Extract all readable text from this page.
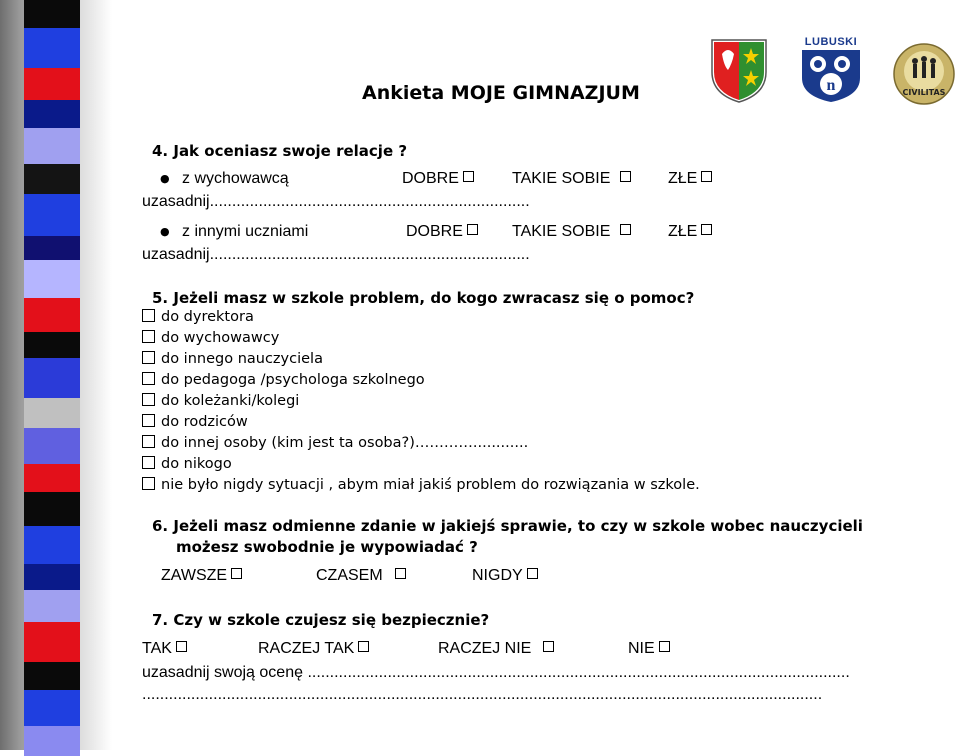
LUBUSKI
n	CIVILITAS
Ankieta MOJE GIMNAZJUM
4. Jak oceniasz swoje relacje ?
● z wychowawcą	DOBRE	TAKIE SOBIE	ZŁE
uzasadnij........................................................................
● z innymi uczniami	DOBRE	TAKIE SOBIE	ZŁE
uzasadnij........................................................................
5. Jeżeli masz w szkole problem, do kogo zwracasz się o pomoc?
do dyrektora
do wychowawcy
do innego nauczyciela
do pedagoga /psychologa szkolnego
do koleżanki/kolegi
do rodziców
do innej osoby (kim jest ta osoba?)…………............
do nikogo
nie było nigdy sytuacji , abym miał jakiś problem do rozwiązania w szkole.
6. Jeżeli masz odmienne zdanie w jakiejś sprawie, to czy w szkole wobec nauczycieli
możesz swobodnie je wypowiadać ?
ZAWSZE	CZASEM	NIGDY
7. Czy w szkole czujesz się bezpiecznie?
TAK	RACZEJ TAK	RACZEJ NIE	NIE
uzasadnij swoją ocenę ..........................................................................................................................
.........................................................................................................................................................
